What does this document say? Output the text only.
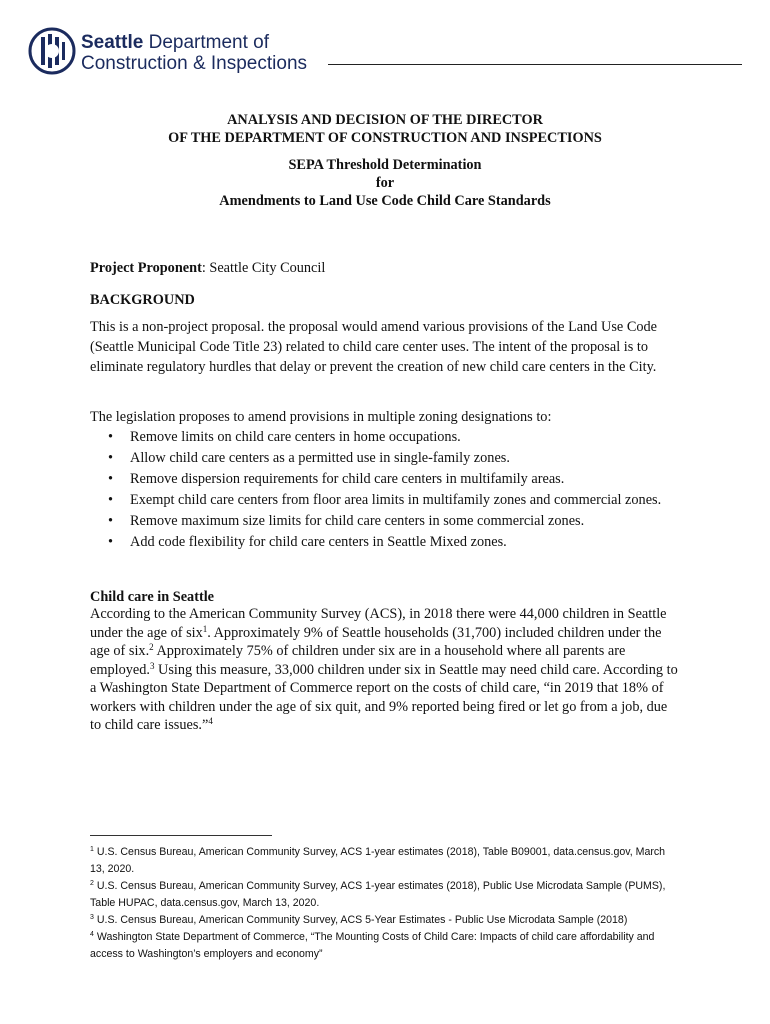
Seattle Department of
Construction & Inspections
ANALYSIS AND DECISION OF THE DIRECTOR
OF THE DEPARTMENT OF CONSTRUCTION AND INSPECTIONS
SEPA Threshold Determination
for
Amendments to Land Use Code Child Care Standards
Project Proponent: Seattle City Council
BACKGROUND
This is a non-project proposal. the proposal would amend various provisions of the Land Use Code (Seattle Municipal Code Title 23) related to child care center uses. The intent of the proposal is to eliminate regulatory hurdles that delay or prevent the creation of new child care centers in the City.
The legislation proposes to amend provisions in multiple zoning designations to:
• Remove limits on child care centers in home occupations.
• Allow child care centers as a permitted use in single-family zones.
• Remove dispersion requirements for child care centers in multifamily areas.
• Exempt child care centers from floor area limits in multifamily zones and commercial zones.
• Remove maximum size limits for child care centers in some commercial zones.
• Add code flexibility for child care centers in Seattle Mixed zones.
Child care in Seattle
According to the American Community Survey (ACS), in 2018 there were 44,000 children in Seattle under the age of six$^1$. Approximately 9% of Seattle households (31,700) included children under the age of six.$^2$ Approximately 75% of children under six are in a household where all parents are employed.$^3$ Using this measure, 33,000 children under six in Seattle may need child care. According to a Washington State Department of Commerce report on the costs of child care, “in 2019 that 18% of workers with children under the age of six quit, and 9% reported being fired or let go from a job, due to child care issues.”$^4$

$^1$ U.S. Census Bureau, American Community Survey, ACS 1-year estimates (2018), Table B09001, data.census.gov, March 13, 2020.

$^2$ U.S. Census Bureau, American Community Survey, ACS 1-year estimates (2018), Public Use Microdata Sample (PUMS), Table HUPAC, data.census.gov, March 13, 2020.

$^3$ U.S. Census Bureau, American Community Survey, ACS 5-Year Estimates - Public Use Microdata Sample (2018)

$^4$ Washington State Department of Commerce, “The Mounting Costs of Child Care: Impacts of child care affordability and access to Washington’s employers and economy”
